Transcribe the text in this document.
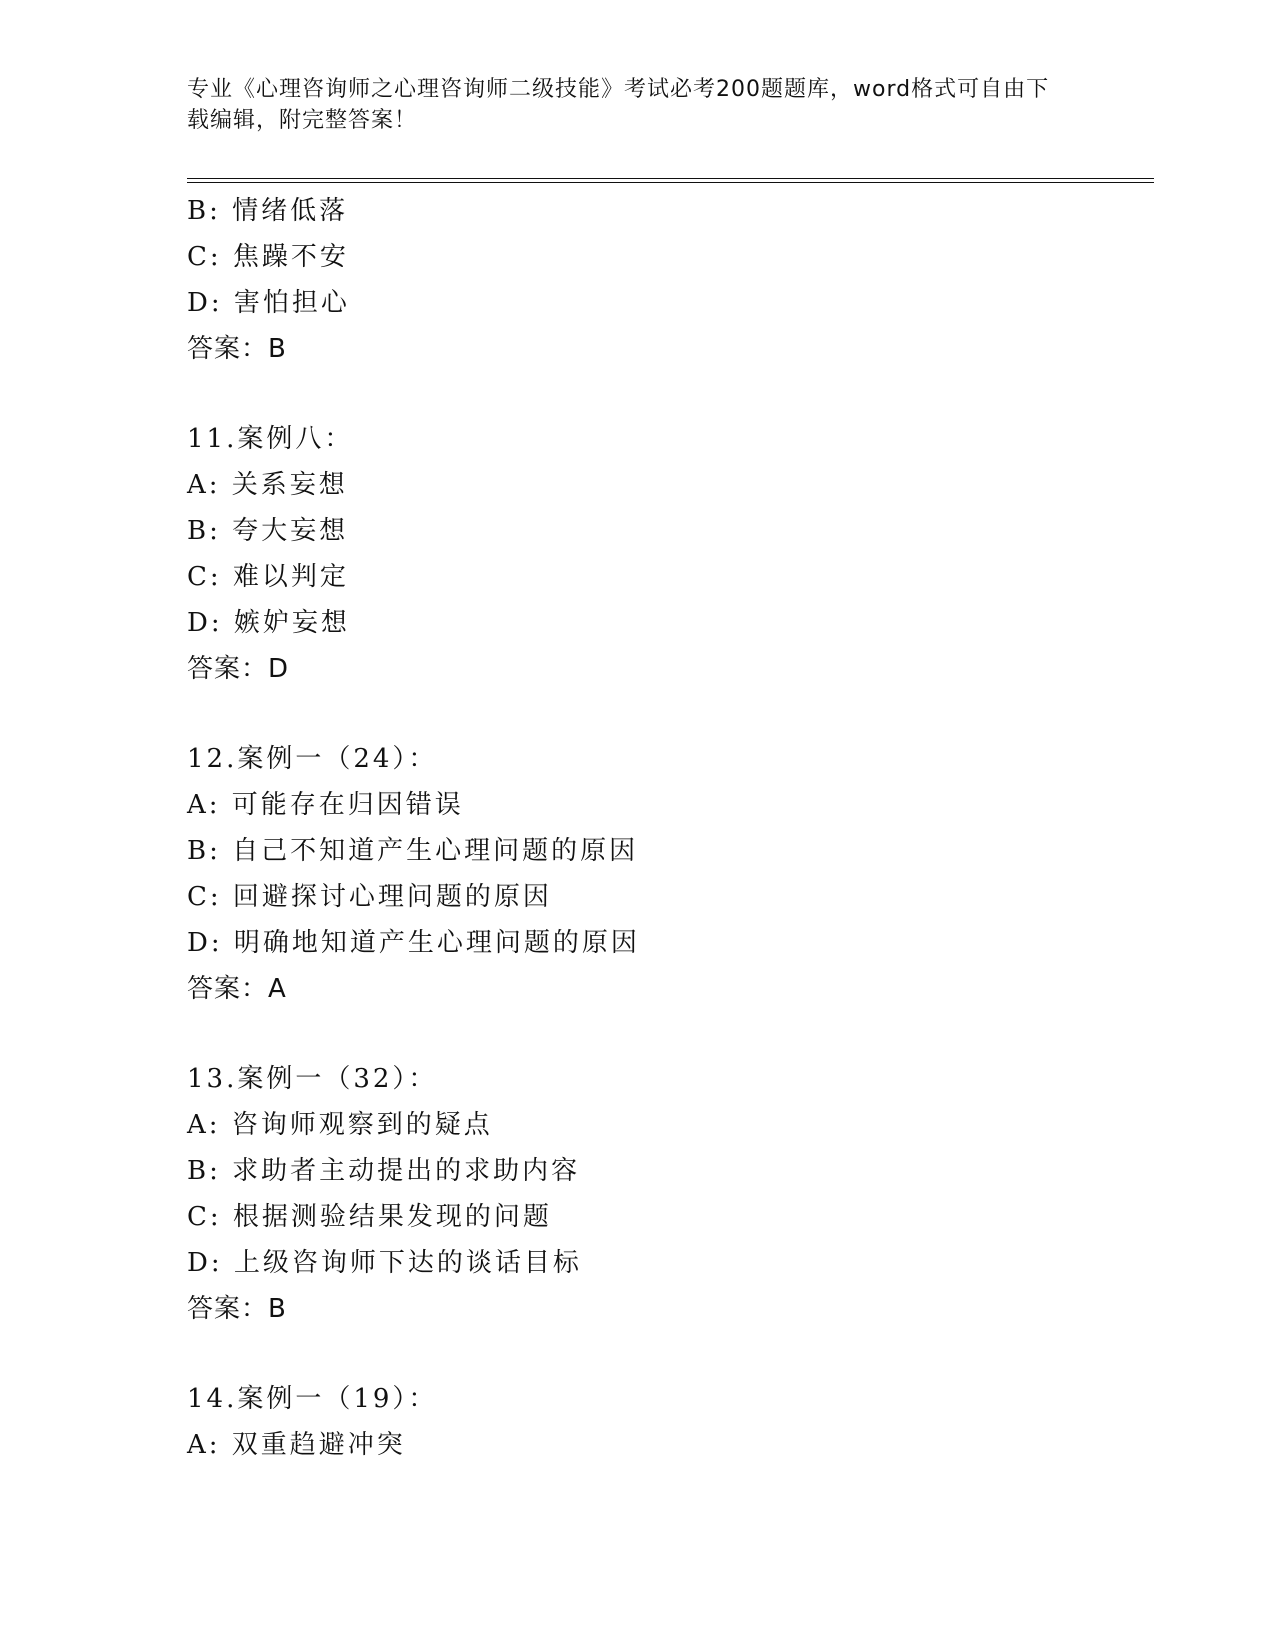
专业《心理咨询师之心理咨询师二级技能》考试必考200题题库，word格式可自由下载编辑，附完整答案！
B: 情绪低落
C: 焦躁不安
D: 害怕担心
答案：B
11.案例八：
A: 关系妄想
B: 夸大妄想
C: 难以判定
D: 嫉妒妄想
答案：D
12.案例一（24）：
A: 可能存在归因错误
B: 自己不知道产生心理问题的原因
C: 回避探讨心理问题的原因
D: 明确地知道产生心理问题的原因
答案：A
13.案例一（32）：
A: 咨询师观察到的疑点
B: 求助者主动提出的求助内容
C: 根据测验结果发现的问题
D: 上级咨询师下达的谈话目标
答案：B
14.案例一（19）：
A: 双重趋避冲突
